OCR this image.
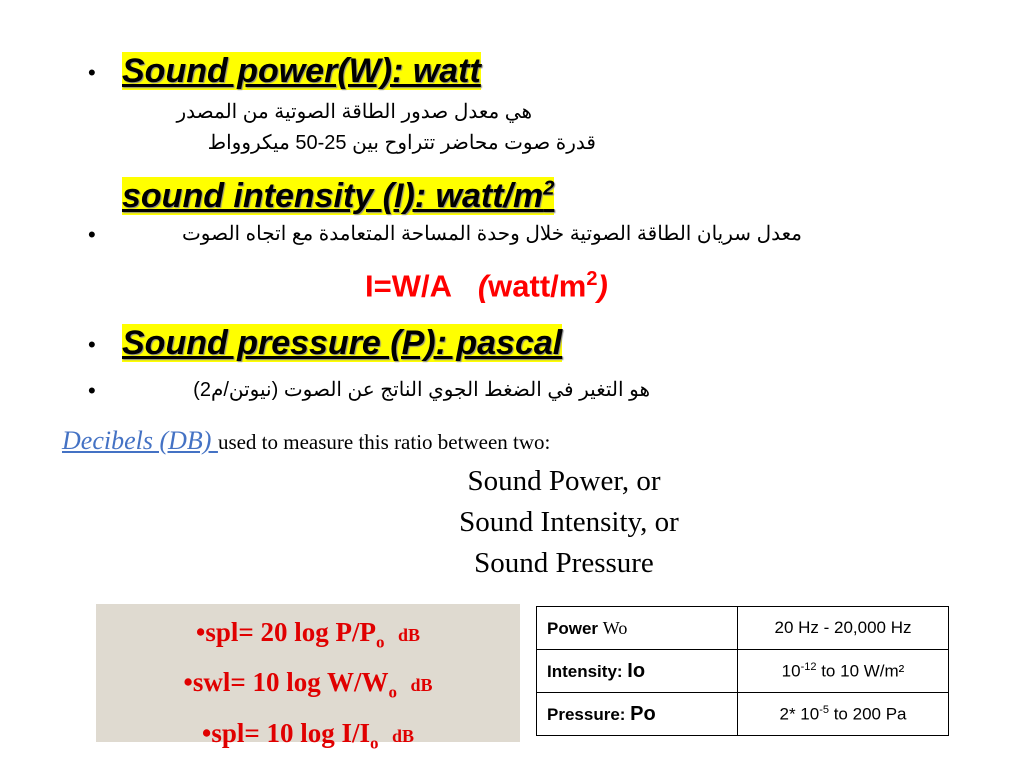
• Sound power(W): watt
هي معدل صدور الطاقة الصوتية من المصدر
قدرة صوت محاضر تتراوح بين 25-50 ميكروواط
sound intensity (I): watt/$m^2$
•	معدل سريان الطاقة الصوتية خلال وحدة المساحة المتعامدة مع اتجاه الصوت
I=W/A $(watt/m^2)$
• Sound pressure (P): pascal
•	هو التغير في الضغط الجوي الناتج عن الصوت (نيوتن/م2)
Decibels (DB) used to measure this ratio between two:
Sound Power, or
Sound Intensity, or
Sound Pressure
•spl= 20 $\log P/P_o$ dB
•swl= 10 $\log W/W_o$ dB
•spl= 10 $\log I/I_o$ dB
Power Wo	20 Hz - 20,000 Hz
Intensity: Io	$10^{-12}$ to 10 W/m²
Pressure: Po	2* $10^{-5}$ to 200 Pa
